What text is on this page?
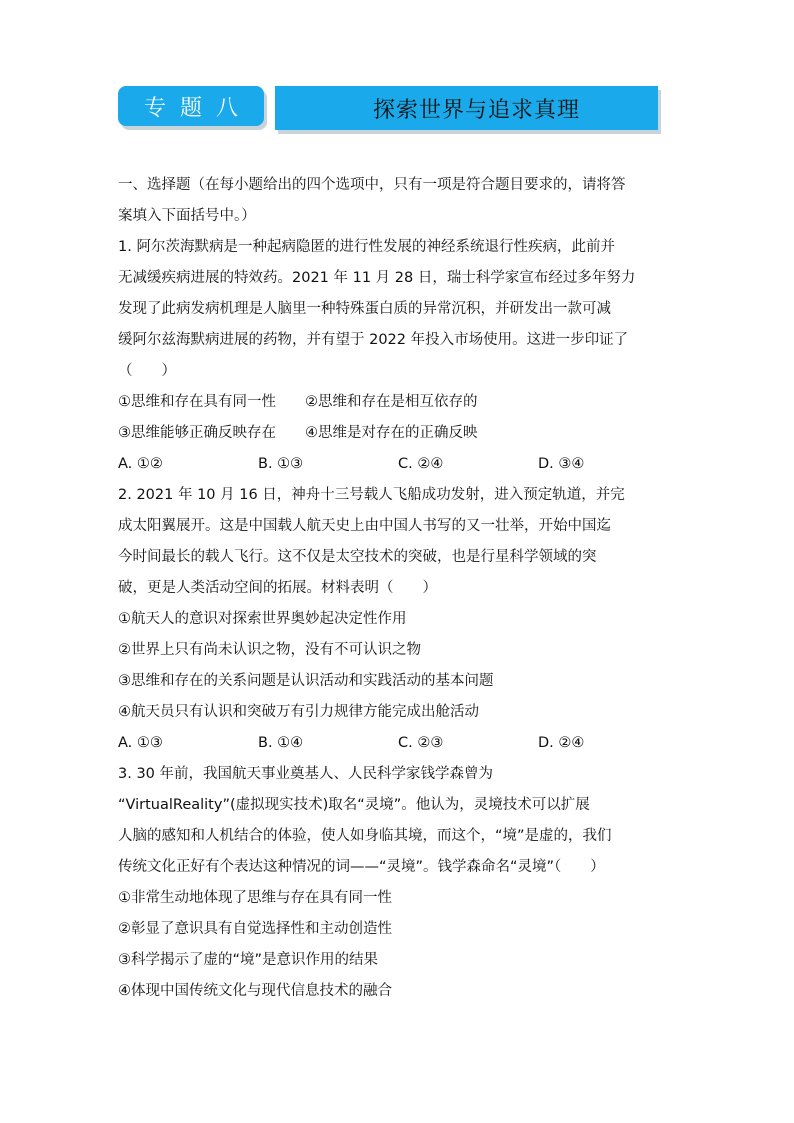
专题八	探索世界与追求真理
一、选择题（在每小题给出的四个选项中，只有一项是符合题目要求的，请将答
案填入下面括号中。）
1. 阿尔茨海默病是一种起病隐匿的进行性发展的神经系统退行性疾病，此前并
无减缓疾病进展的特效药。2021 年 11 月 28 日，瑞士科学家宣布经过多年努力
发现了此病发病机理是人脑里一种特殊蛋白质的异常沉积，并研发出一款可减
缓阿尔兹海默病进展的药物，并有望于 2022 年投入市场使用。这进一步印证了
（　　）
①思维和存在具有同一性　　②思维和存在是相互依存的
③思维能够正确反映存在　　④思维是对存在的正确反映
A. ①②	B. ①③	C. ②④	D. ③④
2. 2021 年 10 月 16 日，神舟十三号载人飞船成功发射，进入预定轨道，并完
成太阳翼展开。这是中国载人航天史上由中国人书写的又一壮举，开始中国迄
今时间最长的载人飞行。这不仅是太空技术的突破，也是行星科学领域的突
破，更是人类活动空间的拓展。材料表明（　　）
①航天人的意识对探索世界奥妙起决定性作用
②世界上只有尚未认识之物，没有不可认识之物
③思维和存在的关系问题是认识活动和实践活动的基本问题
④航天员只有认识和突破万有引力规律方能完成出舱活动
A. ①③	B. ①④	C. ②③	D. ②④
3. 30 年前，我国航天事业奠基人、人民科学家钱学森曾为
“VirtualReality”(虚拟现实技术)取名“灵境”。他认为，灵境技术可以扩展
人脑的感知和人机结合的体验，使人如身临其境，而这个，“境”是虚的，我们
传统文化正好有个表达这种情况的词——“灵境”。钱学森命名“灵境”（　　）
①非常生动地体现了思维与存在具有同一性
②彰显了意识具有自觉选择性和主动创造性
③科学揭示了虚的“境”是意识作用的结果
④体现中国传统文化与现代信息技术的融合
